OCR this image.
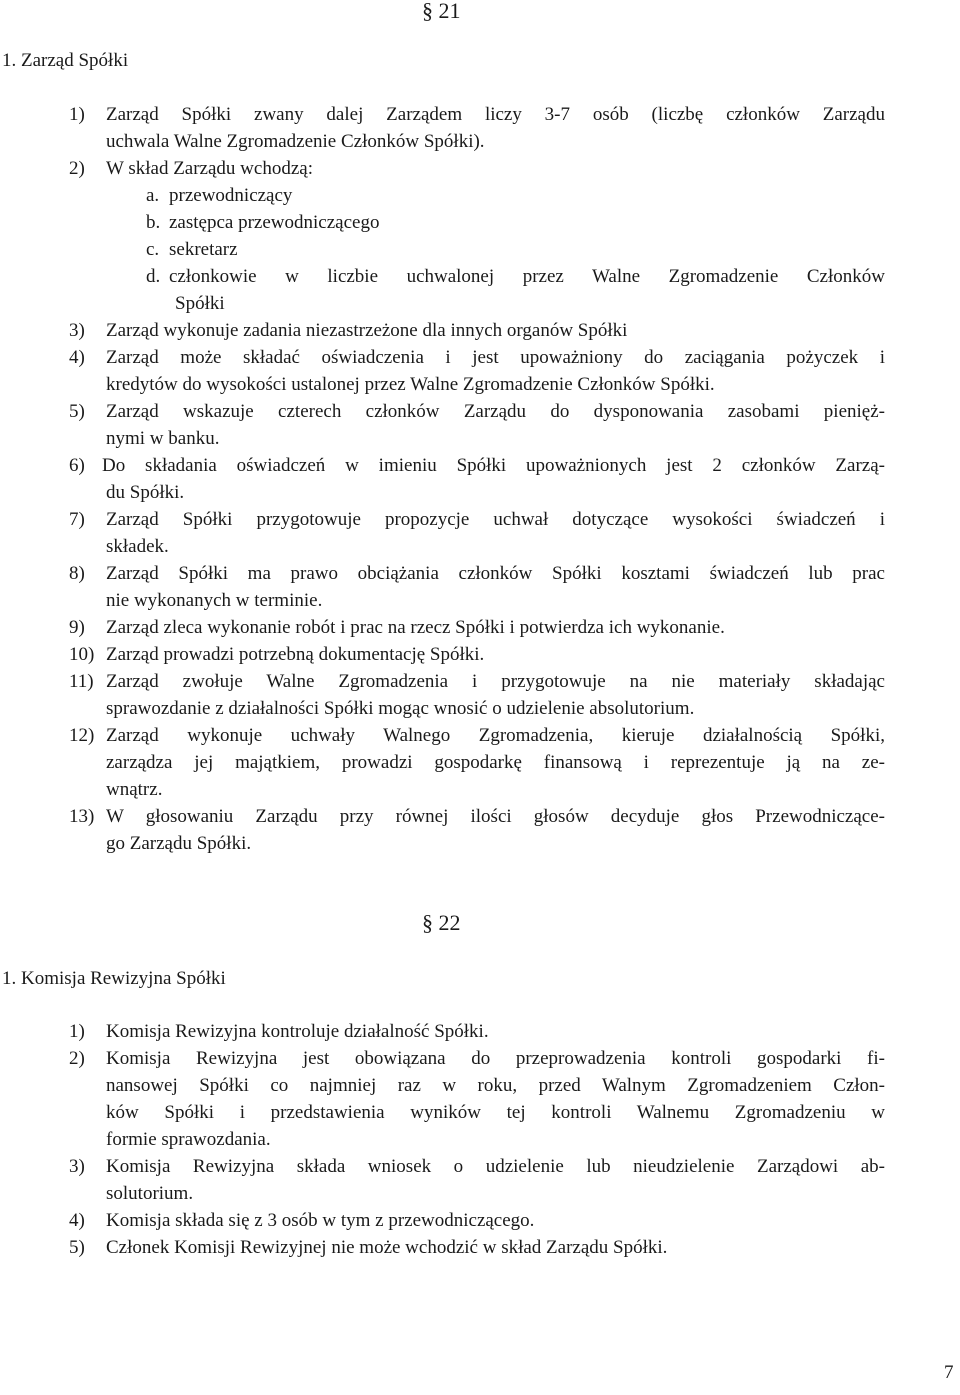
§ 21
1. Zarząd Spółki
1) Zarząd Spółki zwany dalej Zarządem liczy 3-7 osób (liczbę członków Zarządu
uchwala Walne Zgromadzenie Członków Spółki).
2) W skład Zarządu wchodzą:
a. przewodniczący
b. zastępca przewodniczącego
c. sekretarz
d. członkowie w liczbie uchwalonej przez Walne Zgromadzenie Członków
Spółki
3) Zarząd wykonuje zadania niezastrzeżone dla innych organów Spółki
4) Zarząd może składać oświadczenia i jest upoważniony do zaciągania pożyczek i
kredytów do wysokości ustalonej przez Walne Zgromadzenie Członków Spółki.
5) Zarząd wskazuje czterech członków Zarządu do dysponowania zasobami pienięż-
nymi w banku.
6) Do składania oświadczeń w imieniu Spółki upoważnionych jest 2 członków Zarzą-
du Spółki.
7) Zarząd Spółki przygotowuje propozycje uchwał dotyczące wysokości świadczeń i
składek.
8) Zarząd Spółki ma prawo obciążania członków Spółki kosztami świadczeń lub prac
nie wykonanych w terminie.
9) Zarząd zleca wykonanie robót i prac na rzecz Spółki i potwierdza ich wykonanie.
10) Zarząd prowadzi potrzebną dokumentację Spółki.
11) Zarząd zwołuje Walne Zgromadzenia i przygotowuje na nie materiały składając
sprawozdanie z działalności Spółki mogąc wnosić o udzielenie absolutorium.
12) Zarząd wykonuje uchwały Walnego Zgromadzenia, kieruje działalnością Spółki,
zarządza jej majątkiem, prowadzi gospodarkę finansową i reprezentuje ją na ze-
wnątrz.
13) W głosowaniu Zarządu przy równej ilości głosów decyduje głos Przewodniczące-
go Zarządu Spółki.
§ 22
1. Komisja Rewizyjna Spółki
1) Komisja Rewizyjna kontroluje działalność Spółki.
2) Komisja Rewizyjna jest obowiązana do przeprowadzenia kontroli gospodarki fi-
nansowej Spółki co najmniej raz w roku, przed Walnym Zgromadzeniem Człon-
ków Spółki i przedstawienia wyników tej kontroli Walnemu Zgromadzeniu w
formie sprawozdania.
3) Komisja Rewizyjna składa wniosek o udzielenie lub nieudzielenie Zarządowi ab-
solutorium.
4) Komisja składa się z 3 osób w tym z przewodniczącego.
5) Członek Komisji Rewizyjnej nie może wchodzić w skład Zarządu Spółki.
7
